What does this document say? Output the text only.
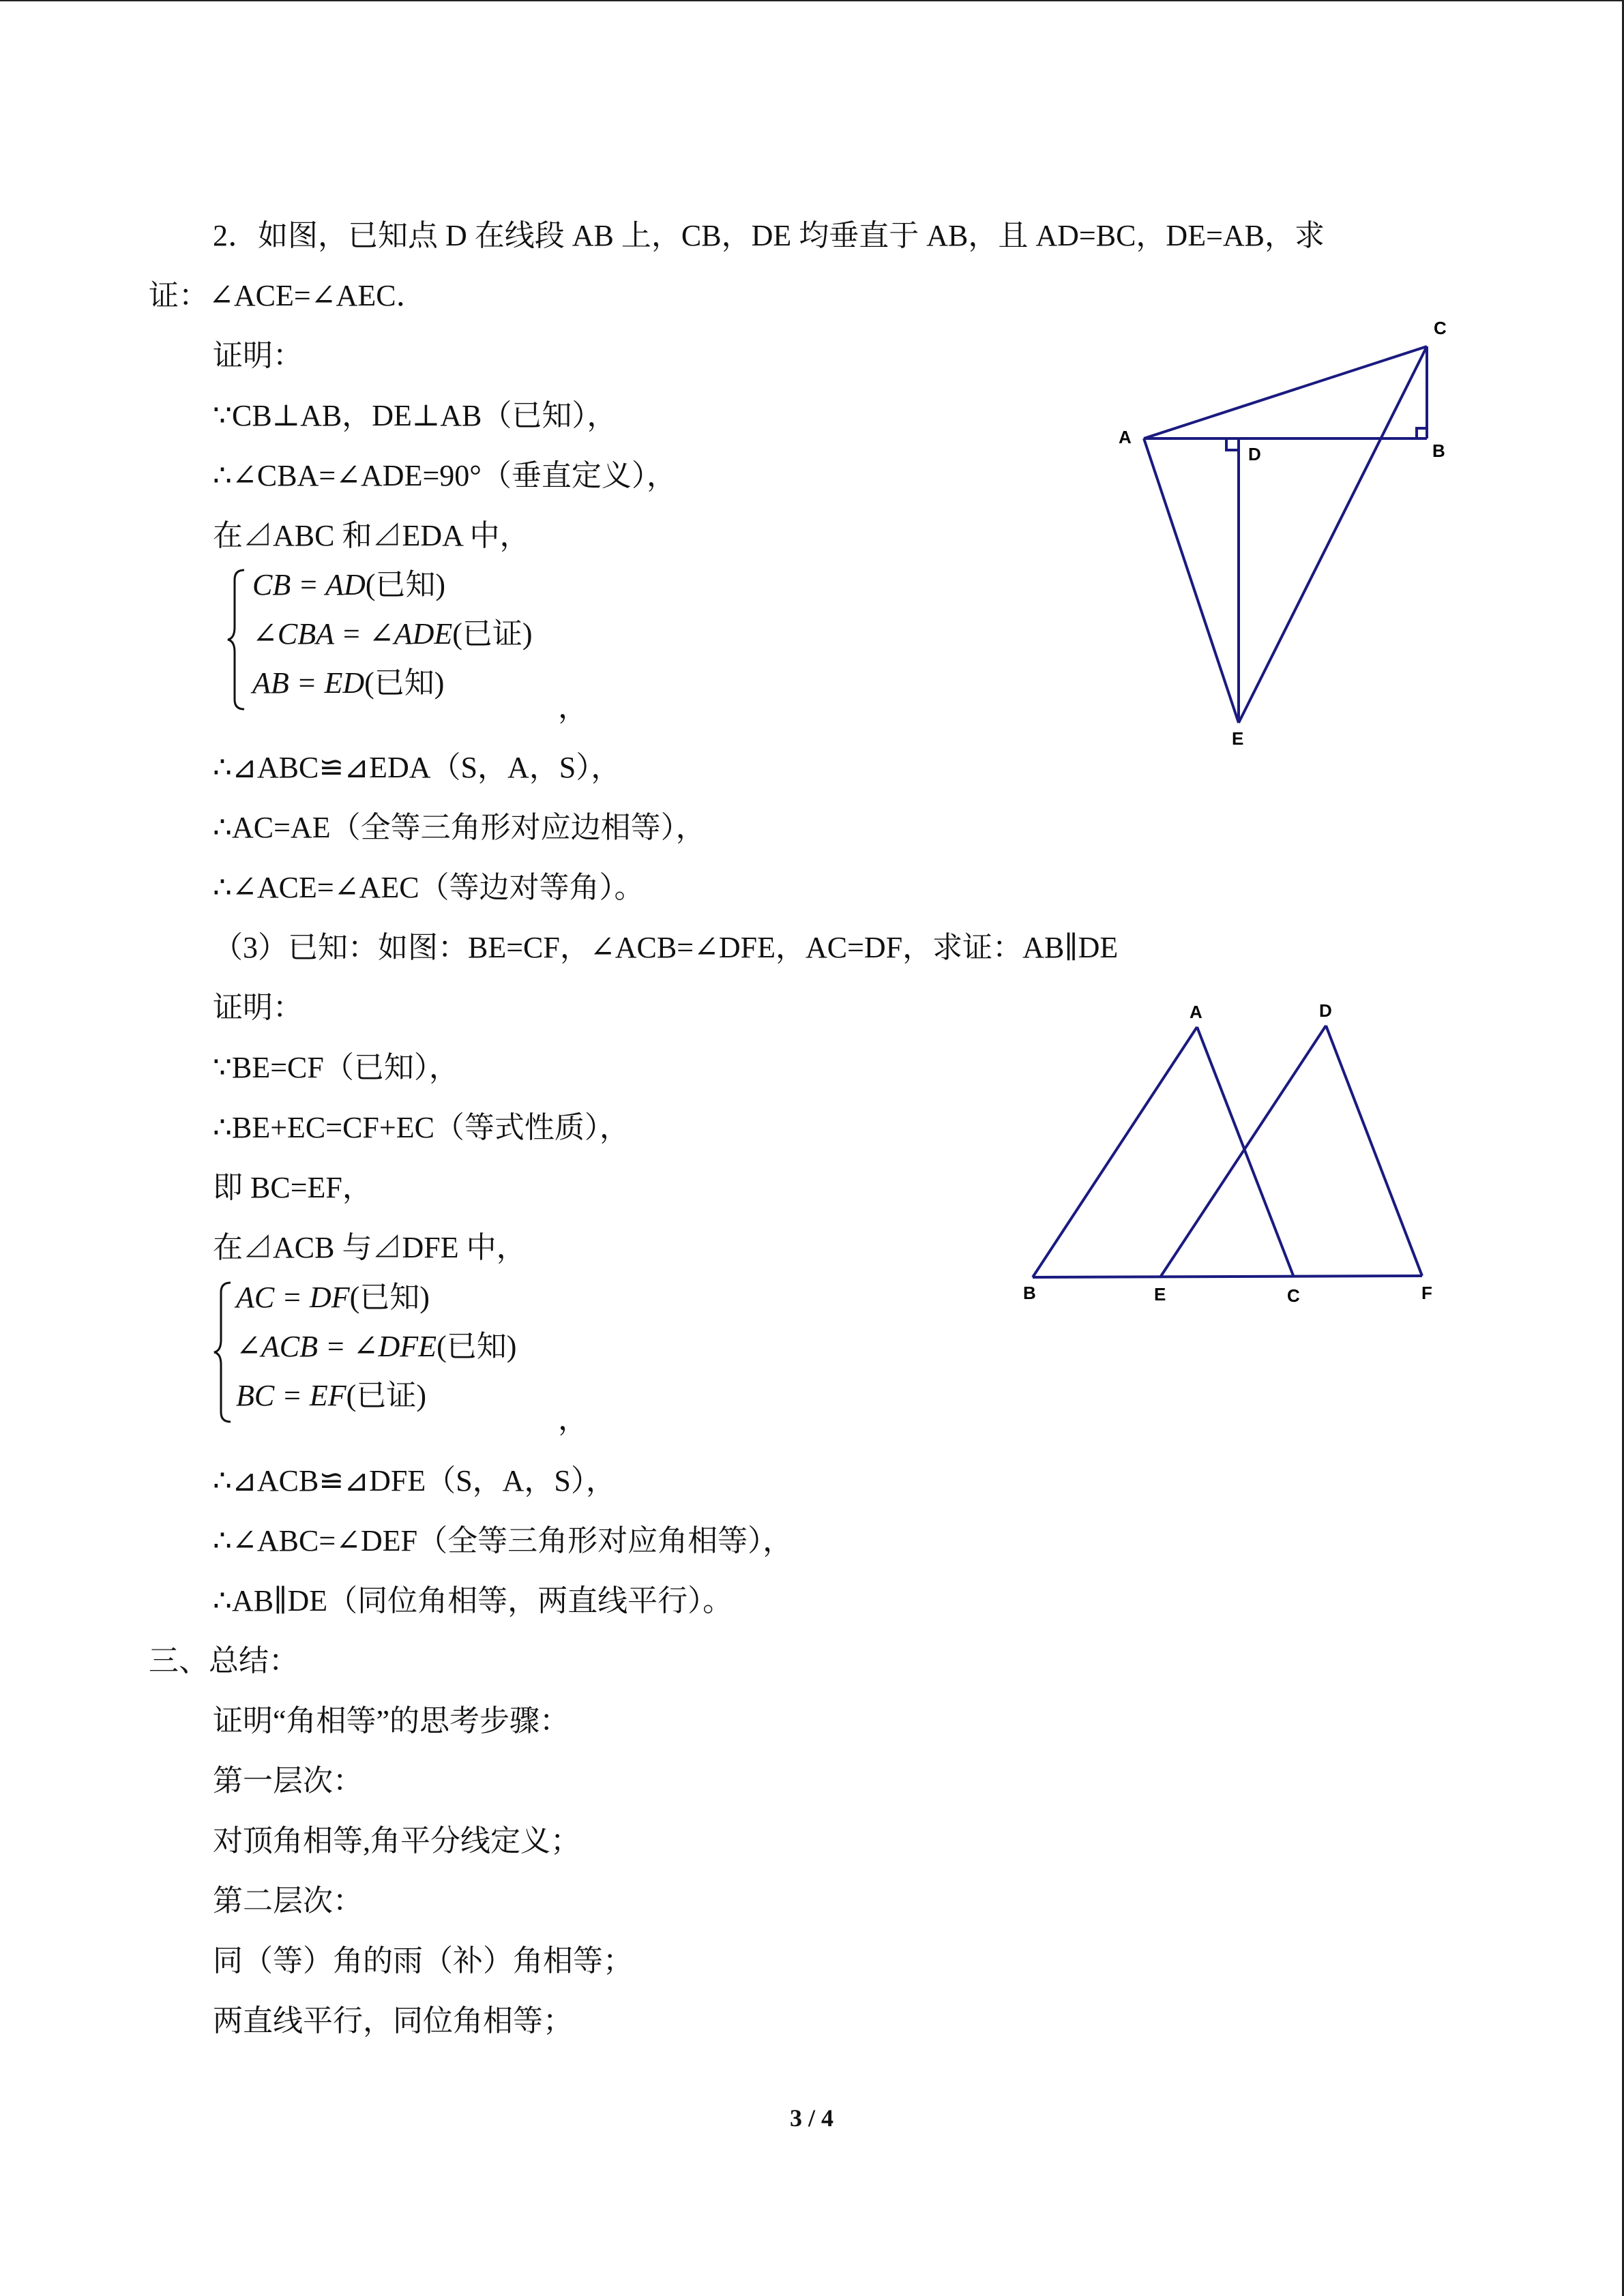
2．如图，已知点 D 在线段 AB 上，CB，DE 均垂直于 AB，且 AD=BC，DE=AB，求
证：∠ACE=∠AEC．
证明：
∵CB⊥AB，DE⊥AB（已知），
∴∠CBA=∠ADE=90°（垂直定义），
在⊿ABC 和⊿EDA 中，
CB = AD(已知)
∠CBA = ∠ADE(已证)
AB = ED(已知)
，
∴⊿ABC≌⊿EDA（S，A，S），
∴AC=AE（全等三角形对应边相等），
∴∠ACE=∠AEC（等边对等角）。
A
C
B
D
E
（3）已知：如图：BE=CF，∠ACB=∠DFE，AC=DF，求证：AB∥DE
证明：
∵BE=CF（已知），
∴BE+EC=CF+EC（等式性质），
即 BC=EF，
在⊿ACB 与⊿DFE 中，
AC = DF(已知)
∠ACB = ∠DFE(已知)
BC = EF(已证)
，
∴⊿ACB≌⊿DFE（S，A，S），
∴∠ABC=∠DEF（全等三角形对应角相等），
∴AB∥DE（同位角相等，两直线平行）。
A	D
B	E	C	F
三、总结：
证明“角相等”的思考步骤：
第一层次：
对顶角相等,角平分线定义；
第二层次：
同（等）角的雨（补）角相等；
两直线平行，同位角相等；
3 / 4
